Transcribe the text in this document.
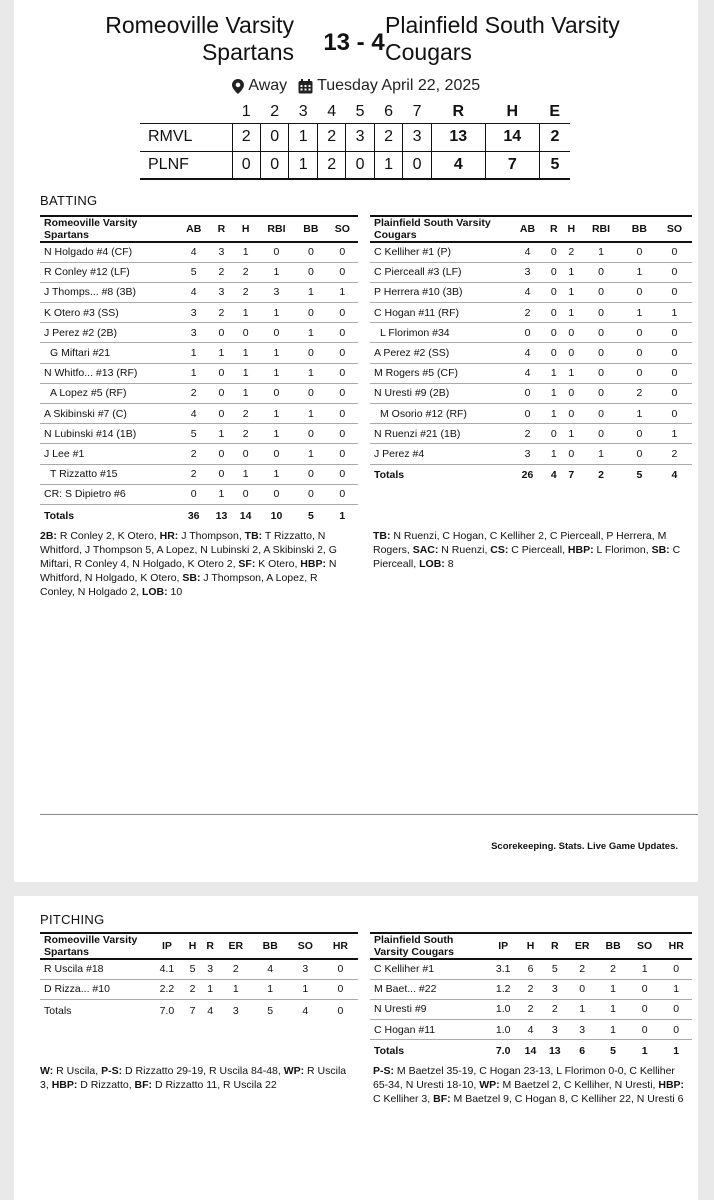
Romeoville Varsity
Spartans	13 - 4
Plainfield South Varsity
Cougars
Away Tuesday April 22, 2025
	1	2	3	4	5	6	7	R	H	E
RMVL	2	0	1	2	3	2	3	13	14	2
PLNF	0	0	1	2	0	1	0	4	7	5
BATTING
Romeoville Varsity Spartans	AB	R	H	RBI	BB	SO
N Holgado #4 (CF)	4	3	1	0	0	0
R Conley #12 (LF)	5	2	2	1	0	0
J Thomps... #8 (3B)	4	3	2	3	1	1
K Otero #3 (SS)	3	2	1	1	0	0
J Perez #2 (2B)	3	0	0	0	1	0
G Miftari #21	1	1	1	1	0	0
N Whitfo... #13 (RF)	1	0	1	1	1	0
A Lopez #5 (RF)	2	0	1	0	0	0
A Skibinski #7 (C)	4	0	2	1	1	0
N Lubinski #14 (1B)	5	1	2	1	0	0
J Lee #1	2	0	0	0	1	0
T Rizzatto #15	2	0	1	1	0	0
CR: S Dipietro #6	0	1	0	0	0	0
Totals	36	13	14	10	5	1
2B: R Conley 2, K Otero, HR: J Thompson, TB: T Rizzatto, N Whitford, J Thompson 5, A Lopez, N Lubinski 2, A Skibinski 2, G Miftari, R Conley 4, N Holgado, K Otero 2, SF: K Otero, HBP: N Whitford, N Holgado, K Otero, SB: J Thompson, A Lopez, R Conley, N Holgado 2, LOB: 10
Plainfield South Varsity Cougars	AB	R	H	RBI	BB	SO
C Kelliher #1 (P)	4	0	2	1	0	0
C Pierceall #3 (LF)	3	0	1	0	1	0
P Herrera #10 (3B)	4	0	1	0	0	0
C Hogan #11 (RF)	2	0	1	0	1	1
L Florimon #34	0	0	0	0	0	0
A Perez #2 (SS)	4	0	0	0	0	0
M Rogers #5 (CF)	4	1	1	0	0	0
N Uresti #9 (2B)	0	1	0	0	2	0
M Osorio #12 (RF)	0	1	0	0	1	0
N Ruenzi #21 (1B)	2	0	1	0	0	1
J Perez #4	3	1	0	1	0	2
Totals	26	4	7	2	5	4
TB: N Ruenzi, C Hogan, C Kelliher 2, C Pierceall, P Herrera, M Rogers, SAC: N Ruenzi, CS: C Pierceall, HBP: L Florimon, SB: C Pierceall, LOB: 8
Scorekeeping. Stats. Live Game Updates.
PITCHING
Romeoville Varsity Spartans	IP	H	R	ER	BB	SO	HR
R Uscila #18	4.1	5	3	2	4	3	0
D Rizza... #10	2.2	2	1	1	1	1	0
Totals	7.0	7	4	3	5	4	0
W: R Uscila, P-S: D Rizzatto 29-19, R Uscila 84-48, WP: R Uscila 3, HBP: D Rizzatto, BF: D Rizzatto 11, R Uscila 22
Plainfield South Varsity Cougars	IP	H	R	ER	BB	SO	HR
C Kelliher #1	3.1	6	5	2	2	1	0
M Baet... #22	1.2	2	3	0	1	0	1
N Uresti #9	1.0	2	2	1	1	0	0
C Hogan #11	1.0	4	3	3	1	0	0
Totals	7.0	14	13	6	5	1	1
P-S: M Baetzel 35-19, C Hogan 23-13, L Florimon 0-0, C Kelliher 65-34, N Uresti 18-10, WP: M Baetzel 2, C Kelliher, N Uresti, HBP: C Kelliher 3, BF: M Baetzel 9, C Hogan 8, C Kelliher 22, N Uresti 6
